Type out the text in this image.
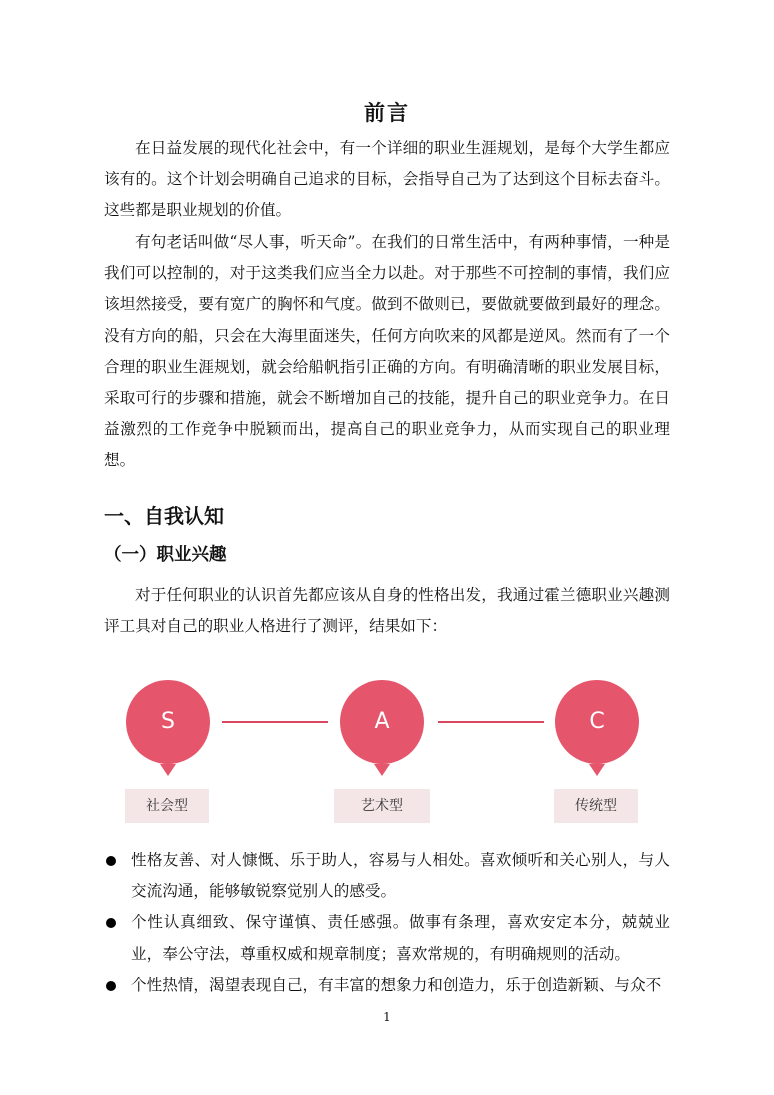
前言

在日益发展的现代化社会中，有一个详细的职业生涯规划，是每个大学生都应该有的。这个计划会明确自己追求的目标，会指导自己为了达到这个目标去奋斗。这些都是职业规划的价值。

有句老话叫做“尽人事，听天命”。在我们的日常生活中，有两种事情，一种是我们可以控制的，对于这类我们应当全力以赴。对于那些不可控制的事情，我们应该坦然接受，要有宽广的胸怀和气度。做到不做则已，要做就要做到最好的理念。没有方向的船，只会在大海里面迷失，任何方向吹来的风都是逆风。然而有了一个合理的职业生涯规划，就会给船帆指引正确的方向。有明确清晰的职业发展目标，采取可行的步骤和措施，就会不断增加自己的技能，提升自己的职业竞争力。在日益激烈的工作竞争中脱颖而出，提高自己的职业竞争力，从而实现自己的职业理想。

一、自我认知
（一）职业兴趣

对于任何职业的认识首先都应该从自身的性格出发，我通过霍兰德职业兴趣测评工具对自己的职业人格进行了测评，结果如下：

S
社会型
A
艺术型
C
传统型
性格友善、对人慷慨、乐于助人，容易与人相处。喜欢倾听和关心别人，与人交流沟通，能够敏锐察觉别人的感受。
个性认真细致、保守谨慎、责任感强。做事有条理，喜欢安定本分，兢兢业业，奉公守法，尊重权威和规章制度；喜欢常规的，有明确规则的活动。
个性热情，渴望表现自己，有丰富的想象力和创造力，乐于创造新颖、与众不
1
